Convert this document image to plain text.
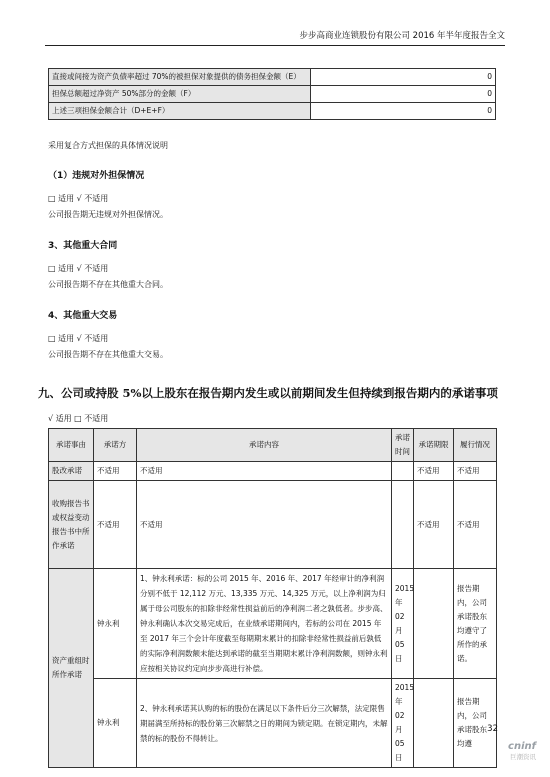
步步高商业连锁股份有限公司 2016 年半年度报告全文
直接或间接为资产负债率超过 70%的被担保对象提供的债务担保金额（E）	0
担保总额超过净资产 50%部分的金额（F）	0
上述三项担保金额合计（D+E+F）	0
采用复合方式担保的具体情况说明
（1）违规对外担保情况
□ 适用 √ 不适用
公司报告期无违规对外担保情况。
3、其他重大合同
□ 适用 √ 不适用
公司报告期不存在其他重大合同。
4、其他重大交易
□ 适用 √ 不适用
公司报告期不存在其他重大交易。
九、公司或持股 5%以上股东在报告期内发生或以前期间发生但持续到报告期内的承诺事项
√ 适用 □ 不适用
承诺事由	承诺方	承诺内容	承诺时间	承诺期限	履行情况
股改承诺	不适用	不适用		不适用	不适用
收购报告书或权益变动报告书中所作承诺	不适用	不适用		不适用	不适用
资产重组时所作承诺	钟永利	1、钟永利承诺：标的公司 2015 年、2016 年、2017 年经审计的净利润分别不低于 12,112 万元、13,335 万元、14,325 万元，以上净利润为归属于母公司股东的扣除非经常性损益前后的净利润二者之孰低者。步步高、钟永利确认本次交易完成后，在业绩承诺期间内，若标的公司在 2015 年至 2017 年三个会计年度截至每期期末累计的扣除非经常性损益前后孰低的实际净利润数额未能达到承诺的截至当期期末累计净利润数额，则钟永利应按相关协议约定向步步高进行补偿。	2015 年 02 月 05 日		报告期内，公司承诺股东均遵守了所作的承诺。
	钟永利	2、钟永利承诺其认购的标的股份在满足以下条件后分三次解禁，法定限售期届满至所持标的股份第三次解禁之日的期间为锁定期。在锁定期内，未解禁的标的股份不得转让。	2015 年 02 月 05 日		报告期内，公司承诺股东均遵
32
cninf
巨潮资讯
